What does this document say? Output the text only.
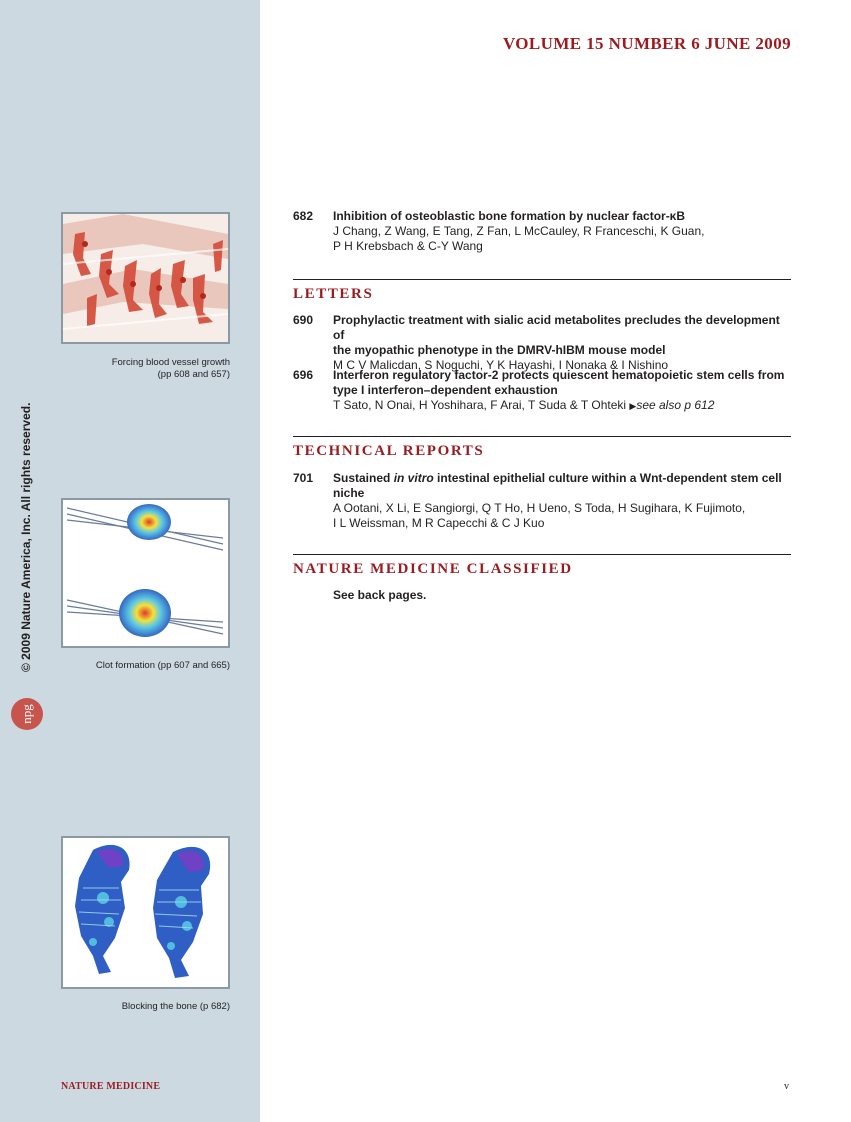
© 2009 Nature America, Inc. All rights reserved.
npg
Forcing blood vessel growth
(pp 608 and 657)
Clot formation (pp 607 and 665)
Blocking the bone (p 682)
NATURE MEDICINE	v
VOLUME 15 NUMBER 6 JUNE 2009
682 Inhibition of osteoblastic bone formation by nuclear factor-κB
J Chang, Z Wang, E Tang, Z Fan, L McCauley, R Franceschi, K Guan,
P H Krebsbach & C-Y Wang
LETTERS
690 Prophylactic treatment with sialic acid metabolites precludes the development of
the myopathic phenotype in the DMRV-hIBM mouse model
M C V Malicdan, S Noguchi, Y K Hayashi, I Nonaka & I Nishino
696 Interferon regulatory factor-2 protects quiescent hematopoietic stem cells from
type I interferon–dependent exhaustion
T Sato, N Onai, H Yoshihara, F Arai, T Suda & T Ohteki ▶see also p 612
TECHNICAL REPORTS
701 Sustained in vitro intestinal epithelial culture within a Wnt-dependent stem cell
niche
A Ootani, X Li, E Sangiorgi, Q T Ho, H Ueno, S Toda, H Sugihara, K Fujimoto,
I L Weissman, M R Capecchi & C J Kuo
NATURE MEDICINE CLASSIFIED
See back pages.
